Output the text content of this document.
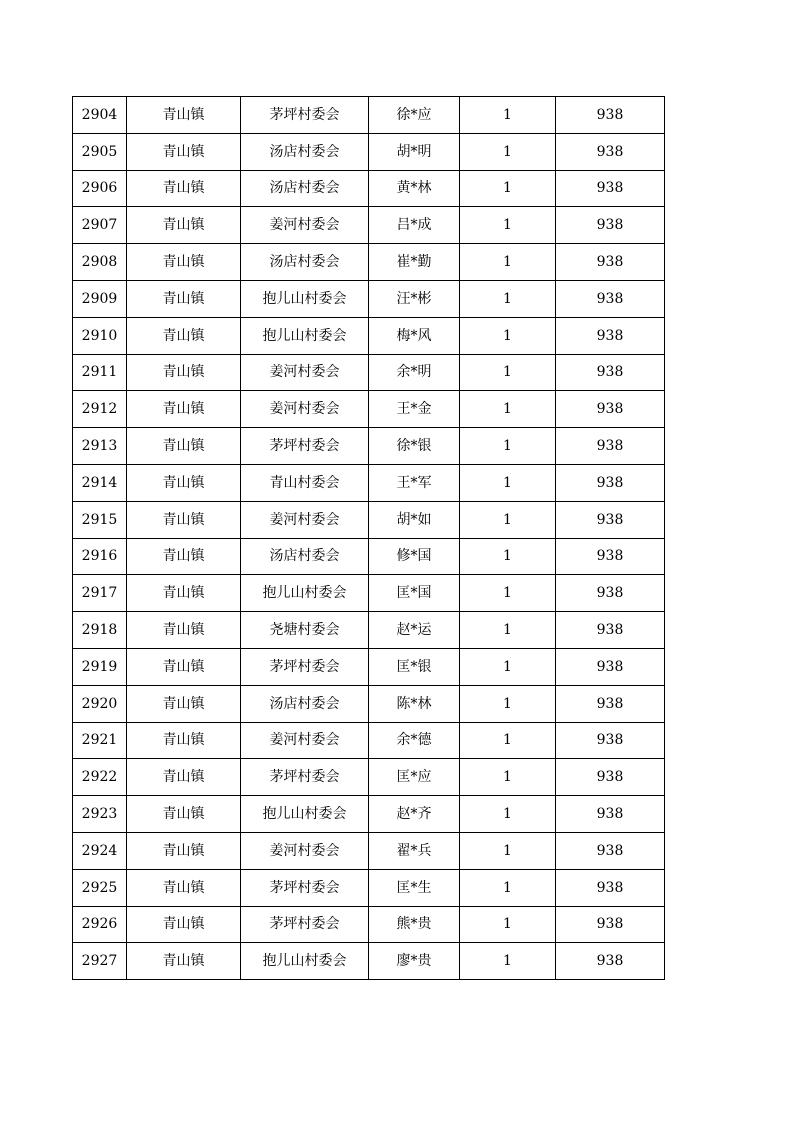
2904	青山镇	茅坪村委会	徐*应	1	938
2905	青山镇	汤店村委会	胡*明	1	938
2906	青山镇	汤店村委会	黄*林	1	938
2907	青山镇	姜河村委会	吕*成	1	938
2908	青山镇	汤店村委会	崔*勤	1	938
2909	青山镇	抱儿山村委会	汪*彬	1	938
2910	青山镇	抱儿山村委会	梅*风	1	938
2911	青山镇	姜河村委会	余*明	1	938
2912	青山镇	姜河村委会	王*金	1	938
2913	青山镇	茅坪村委会	徐*银	1	938
2914	青山镇	青山村委会	王*军	1	938
2915	青山镇	姜河村委会	胡*如	1	938
2916	青山镇	汤店村委会	修*国	1	938
2917	青山镇	抱儿山村委会	匡*国	1	938
2918	青山镇	尧塘村委会	赵*运	1	938
2919	青山镇	茅坪村委会	匡*银	1	938
2920	青山镇	汤店村委会	陈*林	1	938
2921	青山镇	姜河村委会	余*德	1	938
2922	青山镇	茅坪村委会	匡*应	1	938
2923	青山镇	抱儿山村委会	赵*齐	1	938
2924	青山镇	姜河村委会	翟*兵	1	938
2925	青山镇	茅坪村委会	匡*生	1	938
2926	青山镇	茅坪村委会	熊*贵	1	938
2927	青山镇	抱儿山村委会	廖*贵	1	938
